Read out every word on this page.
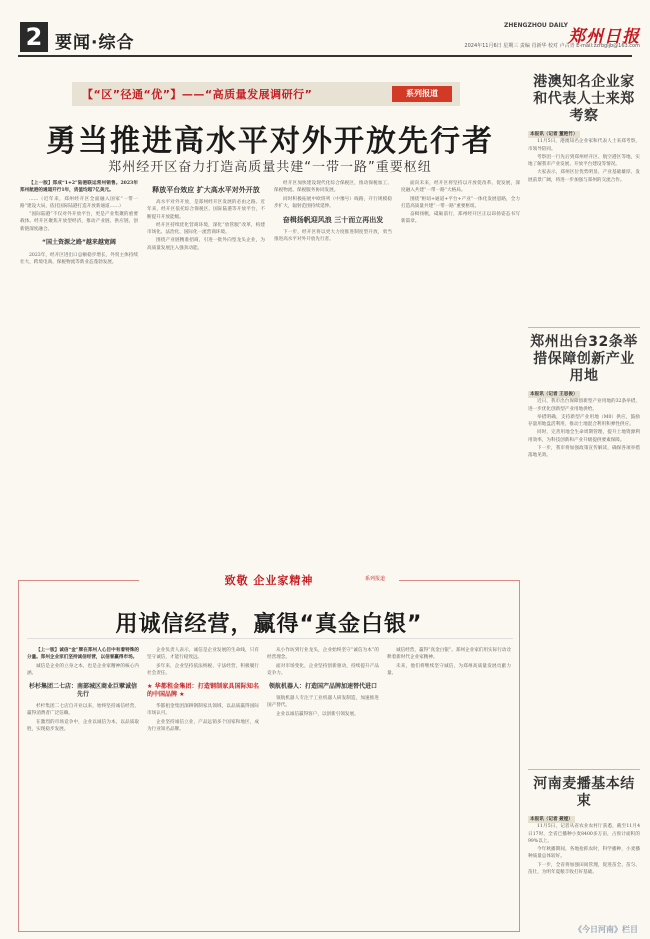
2 要闻·综合
ZHENGZHOU DAILY
郑州日报
2024年11月6日 星期三 责编 肖新华 校对 卢占青 E-mail:zzrbgljb@163.com
【“区”径通“优”】——“高质量发展调研行”	系列报道
勇当推进高水平对外开放先行者
郑州经开区奋力打造高质量共建“一带一路”重要枢纽

【上一版】郑成“1+2”陆港联运常州销售。2023年郑州航港的通道开行1年，货值均超7亿美元。

……（近年来，郑州经开区全面融入国家“一带一路”建设大局，依托国际陆港打造开放新通道……）

“国际陆港”不仅对外开放平台，更是产业集聚的重要载体。经开区聚焦开放型经济，推动产业链、供应链、创新链深度融合。

“国土资源之路”越来越宽阔

2023年，经开区进出口总额稳步增长，外贸主体持续壮大，跨境电商、保税物流等新业态蓬勃发展。

释放平台效应 扩大高水平对外开放

高水平对外开放，是郑州经开区发展的必由之路。近年来，经开区依托综合保税区、国际陆港等开放平台，不断提升开放能级。

经开区持续优化营商环境，深化“放管服”改革，构建市场化、法治化、国际化一流营商环境。

围绕产业链精准招商，引进一批外向型龙头企业，为高质量发展注入强劲动能。

经开区加快建设现代化综合保税区，推动保税加工、保税物流、保税服务协同发展。

同时积极拓展中欧班列（中豫号）线路，开行规模稳步扩大，辐射范围持续延伸。

奋楫扬帆迎风浪 三十而立再出发

下一步，经开区将以更大力度推进制度型开放，勇当推进高水平对外开放先行者。

面向未来，经开区将坚持以开放促改革、促发展，深度融入共建“一带一路”大格局。

围绕“枢纽+通道+平台+产业”一体化发展思路，全力打造高质量共建“一带一路”重要枢纽。

奋楫扬帆，砥砺前行，郑州经开区正以昂扬姿态书写新篇章。

港澳知名企业家和代表人士来郑考察
本报讯（记者 董艳竹）

11月5日，港澳知名企业家和代表人士来郑考察，市领导陪同。

考察团一行先后到郑州经开区、航空港区等地，实地了解我市产业发展、开放平台建设等情况。

大家表示，郑州区位优势明显、产业基础雄厚、发展前景广阔，将进一步加强与郑州的交流合作。

郑州出台32条举措保障创新产业用地
本报讯（记者 王思俊）

近日，我市出台保障创新型产业用地的32条举措，进一步优化创新型产业用地供给。

举措明确，支持新型产业用地（M0）供应，鼓励存量用地盘活利用，推动土地混合利用和弹性供应。

同时，完善用地全生命周期管理，提升土地资源利用效率，为科技创新和产业升级提供要素保障。

下一步，我市将加强政策宣传解读，确保各项举措落地见效。

河南麦播基本结束
本报讯（记者 聂娅）

11月5日，记者从省农业农村厅获悉，截至11月4日17时，全省已播种小麦8400多万亩，占预计面积的99%以上。

今年秋播期间，各地抢抓农时，科学播种，小麦播种质量总体较好。

下一步，全省将加强田间管理，促进苗全、苗匀、苗壮，为明年夏粮丰收打好基础。

致敬 企业家精神	系列报道
用诚信经营，赢得“真金白银”

【上一版】诚信“金”牌在郑州人心目中有着特殊的分量。郑州企业家们坚持诚信经营，以信誉赢得市场。

诚信是企业的立身之本，也是企业家精神的核心内涵。

杉杉集团二七店：南部城区商业巨擘诚信先行

杉杉集团二七店自开业以来，始终坚持诚信经营，赢得消费者广泛信赖。

在激烈的市场竞争中，企业以诚信为本，以品质取胜，实现稳步发展。

企业负责人表示，诚信是企业发展的生命线，只有坚守诚信，才能行稳致远。

多年来，企业坚持依法纳税、守法经营，积极履行社会责任。

★ 华都租金集团：打造钢制家具国际知名的中国品牌 ★

华都租金集团深耕钢制家具领域，以品质赢得国际市场认可。

企业坚持诚信立业，产品远销多个国家和地区，成为行业知名品牌。

从小作坊到行业龙头，企业始终坚守“诚信为本”的经营理念。

面对市场变化，企业坚持创新驱动，持续提升产品竞争力。

领航机器人：打造国产品牌加速替代进口

领航机器人专注于工业机器人研发制造，加速推进国产替代。

企业以诚信赢得客户，以创新引领发展。

诚信经营，赢得“真金白银”。郑州企业家们用实际行动诠释着新时代企业家精神。

未来，他们将继续坚守诚信，为郑州高质量发展贡献力量。

《今日河南》栏目
